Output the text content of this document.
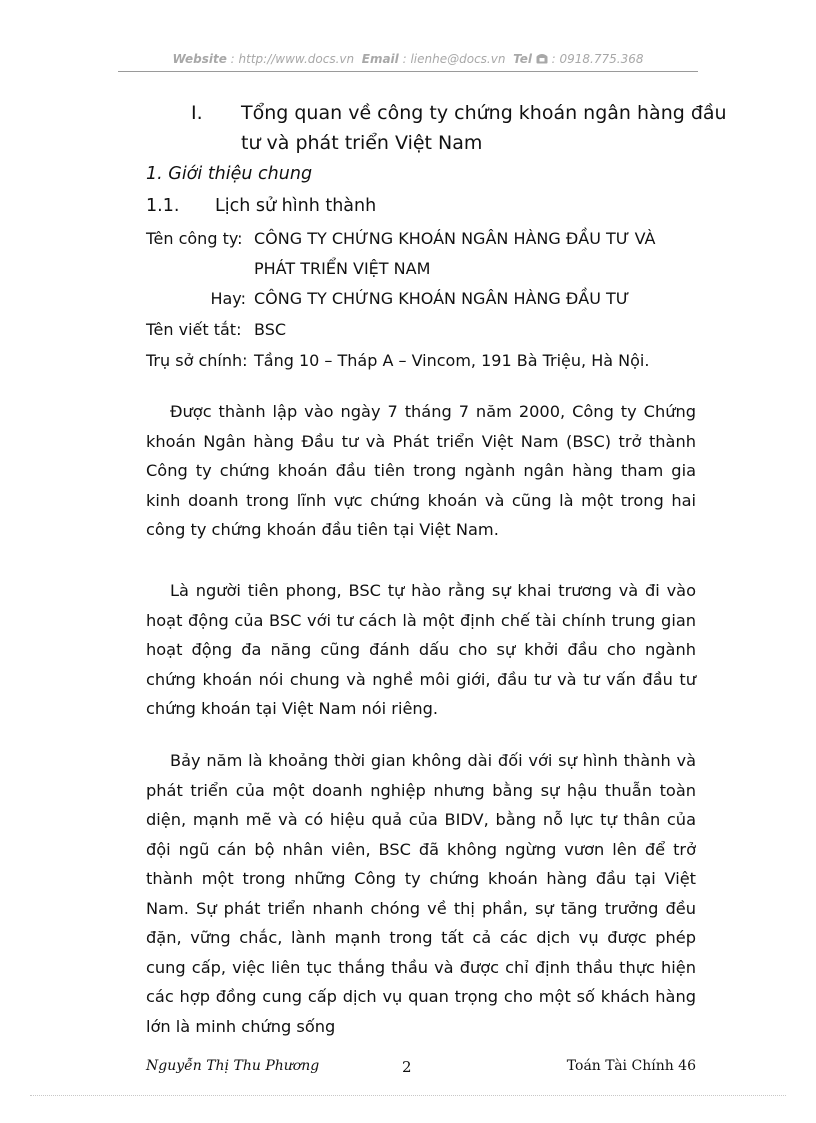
Website : http://www.docs.vn Email : lienhe@docs.vn Tel : 0918.775.368
I. Tổng quan về công ty chứng khoán ngân hàng đầu
tư và phát triển Việt Nam
1. Giới thiệu chung
1.1. Lịch sử hình thành
Tên công ty: CÔNG TY CHỨNG KHOÁN NGÂN HÀNG ĐẦU TƯ VÀ
PHÁT TRIỂN VIỆT NAM
Hay: CÔNG TY CHỨNG KHOÁN NGÂN HÀNG ĐẦU TƯ
Tên viết tắt: BSC
Trụ sở chính: Tầng 10 – Tháp A – Vincom, 191 Bà Triệu, Hà Nội.

Được thành lập vào ngày 7 tháng 7 năm 2000, Công ty Chứng khoán Ngân hàng Đầu tư và Phát triển Việt Nam (BSC) trở thành Công ty chứng khoán đầu tiên trong ngành ngân hàng tham gia kinh doanh trong lĩnh vực chứng khoán và cũng là một trong hai công ty chứng khoán đầu tiên tại Việt Nam.

Là người tiên phong, BSC tự hào rằng sự khai trương và đi vào hoạt động của BSC với tư cách là một định chế tài chính trung gian hoạt động đa năng cũng đánh dấu cho sự khởi đầu cho ngành chứng khoán nói chung và nghề môi giới, đầu tư và tư vấn đầu tư chứng khoán tại Việt Nam nói riêng.

Bảy năm là khoảng thời gian không dài đối với sự hình thành và phát triển của một doanh nghiệp nhưng bằng sự hậu thuẫn toàn diện, mạnh mẽ và có hiệu quả của BIDV, bằng nỗ lực tự thân của đội ngũ cán bộ nhân viên, BSC đã không ngừng vươn lên để trở thành một trong những Công ty chứng khoán hàng đầu tại Việt Nam. Sự phát triển nhanh chóng về thị phần, sự tăng trưởng đều đặn, vững chắc, lành mạnh trong tất cả các dịch vụ được phép cung cấp, việc liên tục thắng thầu và được chỉ định thầu thực hiện các hợp đồng cung cấp dịch vụ quan trọng cho một số khách hàng lớn là minh chứng sống

Nguyễn Thị Thu Phương	2	Toán Tài Chính 46
